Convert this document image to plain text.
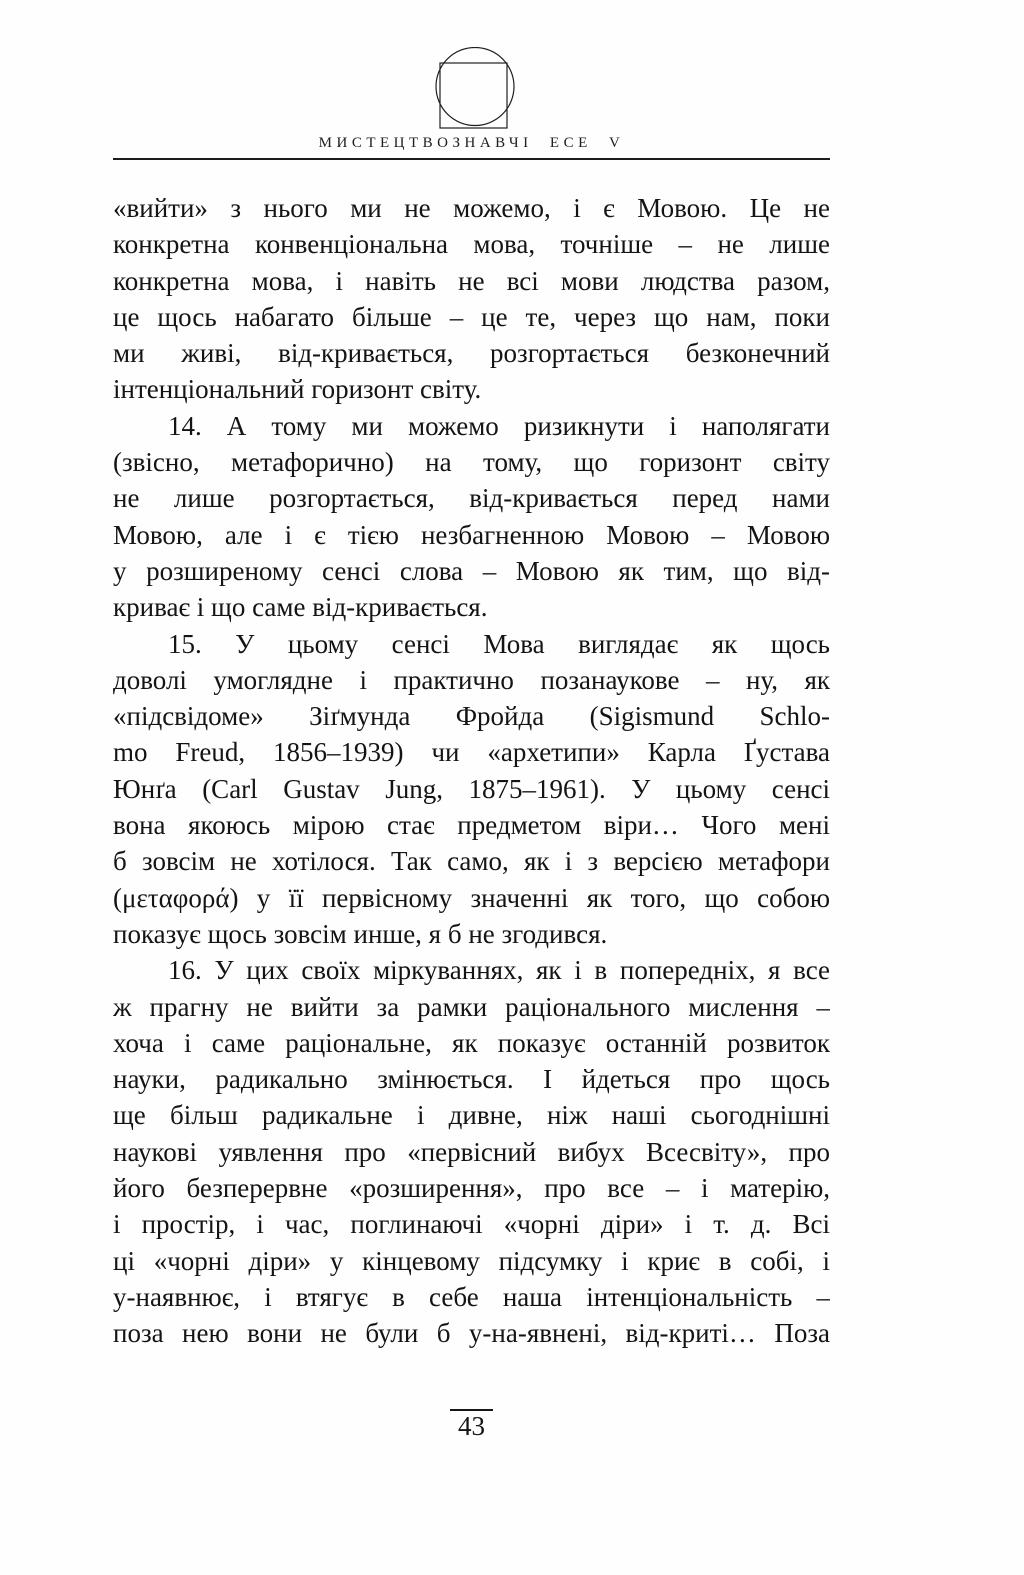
МИСТЕЦТВОЗНАВЧІ ЕСЕ V
«вийти» з нього ми не можемо, і є Мовою. Це не
конкретна конвенціональна мова, точніше – не лише
конкретна мова, і навіть не всі мови людства разом,
це щось набагато більше – це те, через що нам, поки
ми живі, від-кривається, розгортається безконечний
інтенціональний горизонт світу.
14. А тому ми можемо ризикнути і наполягати
(звісно, метафорично) на тому, що горизонт світу
не лише розгортається, від-кривається перед нами
Мовою, але і є тією незбагненною Мовою – Мовою
у розширеному сенсі слова – Мовою як тим, що від-
криває і що саме від-кривається.
15. У цьому сенсі Мова виглядає як щось
доволі умоглядне і практично позанаукове – ну, як
«підсвідоме» Зіґмунда Фройда (Sigismund Schlo-
mo Freud, 1856–1939) чи «архетипи» Карла Ґустава
Юнґа (Carl Gustav Jung, 1875–1961). У цьому сенсі
вона якоюсь мірою стає предметом віри… Чого мені
б зовсім не хотілося. Так само, як і з версією метафори
(μεταφορά) у її первісному значенні як того, що собою
показує щось зовсім инше, я б не згодився.
16. У цих своїх міркуваннях, як і в попередніх, я все
ж прагну не вийти за рамки раціонального мислення –
хоча і саме раціональне, як показує останній розвиток
науки, радикально змінюється. І йдеться про щось
ще більш радикальне і дивне, ніж наші сьогоднішні
наукові уявлення про «первісний вибух Всесвіту», про
його безперервне «розширення», про все – і матерію,
і простір, і час, поглинаючі «чорні діри» і т. д. Всі
ці «чорні діри» у кінцевому підсумку і криє в собі, і
у-наявнює, і втягує в себе наша інтенціональність –
поза нею вони не були б у-на-явнені, від-криті… Поза
43
